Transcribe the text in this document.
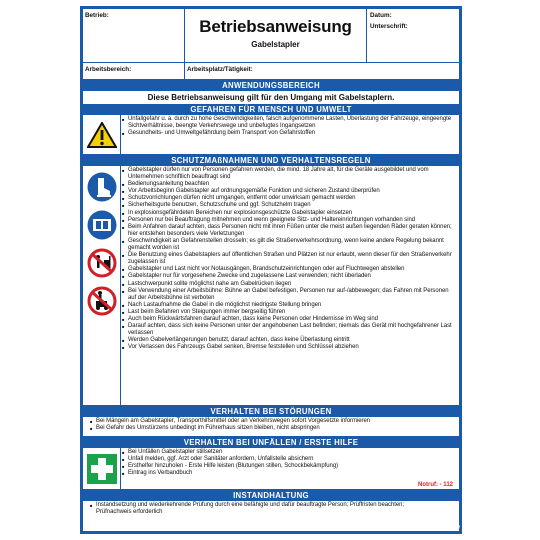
Betrieb:
Betriebsanweisung
Gabelstapler
Datum:
Unterschrift:
Arbeitsbereich:	Arbeitsplatz/Tätigkeit:
ANWENDUNGSBEREICH
Diese Betriebsanweisung gilt für den Umgang mit Gabelstaplern.
GEFAHREN FÜR MENSCH UND UMWELT
■ Unfallgefahr u. a. durch zu hohe Geschwindigkeiten, falsch aufgenommene Lasten, Überlastung der Fahrzeuge, eingeengte Sichtverhältnisse, beengte Verkehrswege und unbefugtes Ingangsetzen
■ Gesundheits- und Umweltgefährdung beim Transport von Gefahrstoffen
SCHUTZMAßNAHMEN UND VERHALTENSREGELN
■ Gabelstapler dürfen nur von Personen gefahren werden, die mind. 18 Jahre alt, für die Geräte ausgebildet und vom Unternehmen schriftlich beauftragt sind
■ Bedienungsanleitung beachten
■ Vor Arbeitsbeginn Gabelstapler auf ordnungsgemäße Funktion und sicheren Zustand überprüfen
■ Schutzvorrichtungen dürfen nicht umgangen, entfernt oder unwirksam gemacht werden
■ Sicherheitsgurte benutzen, Schutzschuhe und ggf. Schutzhelm tragen
■ In explosionsgefährdeten Bereichen nur explosionsgeschützte Gabelstapler einsetzen
■ Personen nur bei Beauftragung mitnehmen und wenn geeignete Sitz- und Haltereinrichtungen vorhanden sind
■ Beim Anfahren darauf achten, dass Personen nicht mit ihren Füßen unter die meist außen liegenden Räder geraten können; hier entstehen besonders viele Verletzungen
■ Geschwindigkeit an Gefahrenstellen drosseln; es gilt die Straßenverkehrsordnung, wenn keine andere Regelung bekannt gemacht worden ist
■ Die Benutzung eines Gabelstaplers auf öffentlichen Straßen und Plätzen ist nur erlaubt, wenn dieser für den Straßenverkehr zugelassen ist
■ Gabelstapler und Last nicht vor Notausgängen, Brandschutzeinrichtungen oder auf Fluchtwegen abstellen
■ Gabelstapler nur für vorgesehene Zwecke und zugelassene Last verwenden; nicht überladen
■ Lastschwerpunkt sollte möglichst nahe am Gabelrücken liegen
■ Bei Verwendung einer Arbeitsbühne: Bühne an Gabel befestigen, Personen nur auf-/abbewegen; das Fahren mit Personen auf der Arbeitsbühne ist verboten
■ Nach Lastaufnahme die Gabel in die möglichst niedrigste Stellung bringen
■ Last beim Befahren von Steigungen immer bergseitig führen
■ Auch beim Rückwärtsfahren darauf achten, dass keine Personen oder Hindernisse im Weg sind
■ Darauf achten, dass sich keine Personen unter der angehobenen Last befinden; niemals das Gerät mit hochgefahrener Last verlassen
■ Werden Gabelverlängerungen benutzt, darauf achten, dass keine Überlastung eintritt
■ Vor Verlassen des Fahrzeugs Gabel senken, Bremse feststellen und Schlüssel abziehen
VERHALTEN BEI STÖRUNGEN
■ Bei Mängeln am Gabelstapler, Transporthilfsmittel oder an Verkehrswegen sofort Vorgesetzte informieren
■ Bei Gefahr des Umstürzens unbedingt im Führerhaus sitzen bleiben, nicht abspringen
VERHALTEN BEI UNFÄLLEN / ERSTE HILFE
■ Bei Unfällen Gabelstapler stillsetzen
■ Unfall melden, ggf. Arzt oder Sanitäter anfordern, Unfallstelle absichern
■ Ersthelfer hinzuholen - Erste Hilfe leisten (Blutungen stillen, Schockbekämpfung)
■ Eintrag ins Verbandbuch
Notruf: - 112
INSTANDHALTUNG
■ Instandsetzung und wiederkehrende Prüfung durch eine befähigte und dafür beauftragte Person; Prüffristen beachten; Prüfnachweis erforderlich
Kroschke
